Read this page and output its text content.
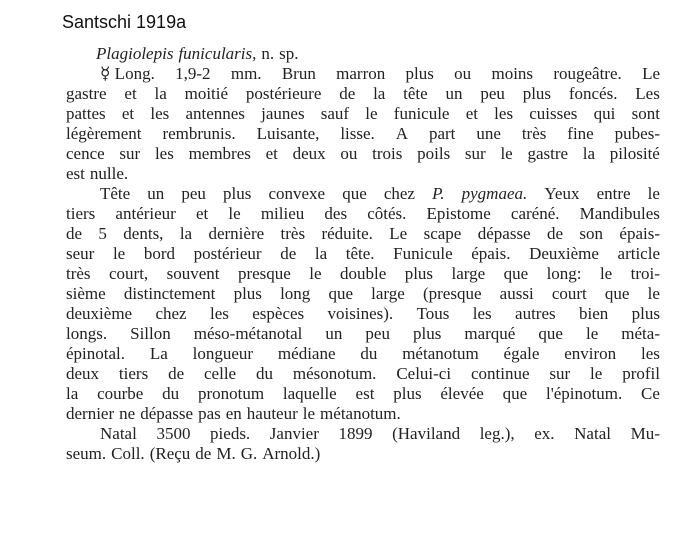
Santschi 1919a
Plagiolepis funicularis, n. sp.
☿ Long. 1,9-2 mm. Brun marron plus ou moins rougeâtre. Le
gastre et la moitié postérieure de la tête un peu plus foncés. Les
pattes et les antennes jaunes sauf le funicule et les cuisses qui sont
légèrement rembrunis. Luisante, lisse. A part une très fine pubes-
cence sur les membres et deux ou trois poils sur le gastre la pilosité
est nulle.
Tête un peu plus convexe que chez P. pygmaea. Yeux entre le
tiers antérieur et le milieu des côtés. Epistome caréné. Mandibules
de 5 dents, la dernière très réduite. Le scape dépasse de son épais-
seur le bord postérieur de la tête. Funicule épais. Deuxième article
très court, souvent presque le double plus large que long: le troi-
sième distinctement plus long que large (presque aussi court que le
deuxième chez les espèces voisines). Tous les autres bien plus
longs. Sillon méso-métanotal un peu plus marqué que le méta-
épinotal. La longueur médiane du métanotum égale environ les
deux tiers de celle du mésonotum. Celui-ci continue sur le profil
la courbe du pronotum laquelle est plus élevée que l'épinotum. Ce
dernier ne dépasse pas en hauteur le métanotum.
Natal 3500 pieds. Janvier 1899 (Haviland leg.), ex. Natal Mu-
seum. Coll. (Reçu de M. G. Arnold.)
